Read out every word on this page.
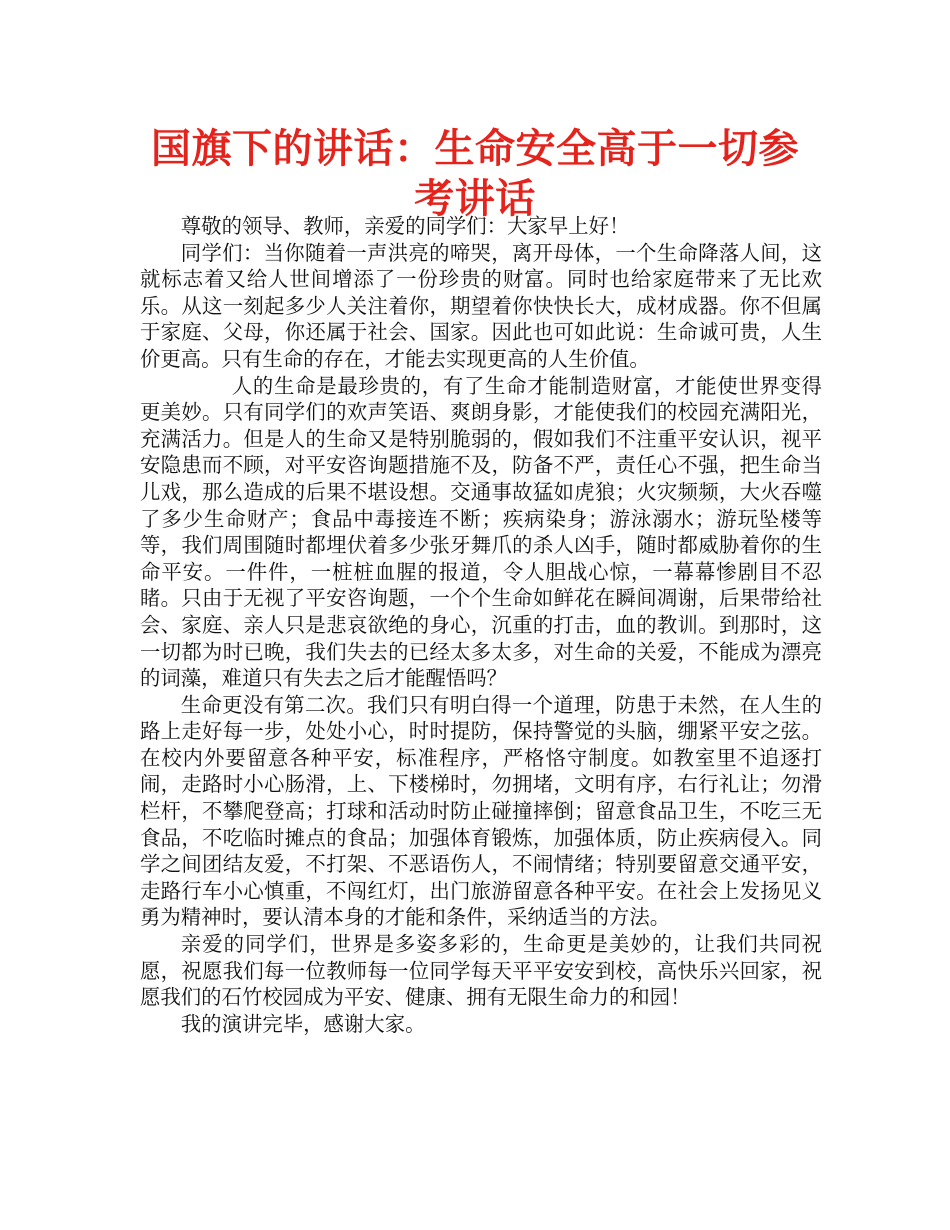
国旗下的讲话：生命安全高于一切参考讲话

尊敬的领导、教师，亲爱的同学们：大家早上好！

同学们：当你随着一声洪亮的啼哭，离开母体，一个生命降落人间，这就标志着又给人世间增添了一份珍贵的财富。同时也给家庭带来了无比欢乐。从这一刻起多少人关注着你，期望着你快快长大，成材成器。你不但属于家庭、父母，你还属于社会、国家。因此也可如此说：生命诚可贵，人生价更高。只有生命的存在，才能去实现更高的人生价值。

人的生命是最珍贵的，有了生命才能制造财富，才能使世界变得更美妙。只有同学们的欢声笑语、爽朗身影，才能使我们的校园充满阳光，充满活力。但是人的生命又是特别脆弱的，假如我们不注重平安认识，视平安隐患而不顾，对平安咨询题措施不及，防备不严，责任心不强，把生命当儿戏，那么造成的后果不堪设想。交通事故猛如虎狼；火灾频频，大火吞噬了多少生命财产；食品中毒接连不断；疾病染身；游泳溺水；游玩坠楼等等，我们周围随时都埋伏着多少张牙舞爪的杀人凶手，随时都威胁着你的生命平安。一件件，一桩桩血腥的报道，令人胆战心惊，一幕幕惨剧目不忍睹。只由于无视了平安咨询题，一个个生命如鲜花在瞬间凋谢，后果带给社会、家庭、亲人只是悲哀欲绝的身心，沉重的打击，血的教训。到那时，这一切都为时已晚，我们失去的已经太多太多，对生命的关爱，不能成为漂亮的词藻，难道只有失去之后才能醒悟吗？

生命更没有第二次。我们只有明白得一个道理，防患于未然，在人生的路上走好每一步，处处小心，时时提防，保持警觉的头脑，绷紧平安之弦。在校内外要留意各种平安，标准程序，严格恪守制度。如教室里不追逐打闹，走路时小心肠滑，上、下楼梯时，勿拥堵，文明有序，右行礼让；勿滑栏杆，不攀爬登高；打球和活动时防止碰撞摔倒；留意食品卫生，不吃三无食品，不吃临时摊点的食品；加强体育锻炼，加强体质，防止疾病侵入。同学之间团结友爱，不打架、不恶语伤人，不闹情绪；特别要留意交通平安，走路行车小心慎重，不闯红灯，出门旅游留意各种平安。在社会上发扬见义勇为精神时，要认清本身的才能和条件，采纳适当的方法。

亲爱的同学们，世界是多姿多彩的，生命更是美妙的，让我们共同祝愿，祝愿我们每一位教师每一位同学每天平平安安到校，高快乐兴回家，祝愿我们的石竹校园成为平安、健康、拥有无限生命力的和园！

我的演讲完毕，感谢大家。
